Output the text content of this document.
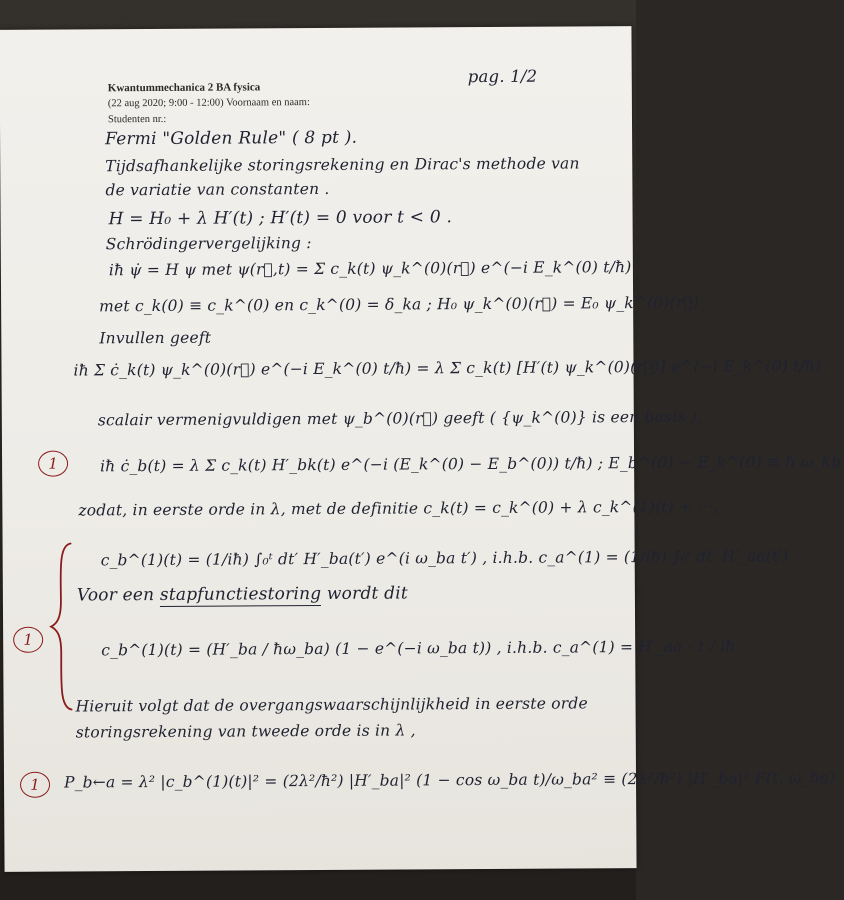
Kwantummechanica 2 BA fysica
(22 aug 2020; 9:00 - 12:00) Voornaam en naam:
Studenten nr.:
pag. 1/2
Fermi "Golden Rule" ( 8 pt ).
Tijdsafhankelijke storingsrekening en Dirac's methode van
de variatie van constanten .
H = H₀ + λ H′(t) ; H′(t) = 0 voor t < 0 .
Schrödingervergelijking :
iħ ψ̇ = H ψ met ψ(r⃗,t) = Σ c_k(t) ψ_k^(0)(r⃗) e^(−i E_k^(0) t/ħ)
met c_k(0) ≡ c_k^(0) en c_k^(0) = δ_ka ; H₀ ψ_k^(0)(r⃗) = E₀ ψ_k^(0)(r⃗)
Invullen geeft
iħ Σ ċ_k(t) ψ_k^(0)(r⃗) e^(−i E_k^(0) t/ħ) = λ Σ c_k(t) [H′(t) ψ_k^(0)(r⃗)] e^(−i E_k^(0) t/ħ)
scalair vermenigvuldigen met ψ_b^(0)(r⃗) geeft ( {ψ_k^(0)} is een basis ),
iħ ċ_b(t) = λ Σ c_k(t) H′_bk(t) e^(−i (E_k^(0) − E_b^(0)) t/ħ) ; E_b^(0) − E_k^(0) ≡ ħ ω_kb
zodat, in eerste orde in λ, met de definitie c_k(t) = c_k^(0) + λ c_k^(1)(t) + ···,
c_b^(1)(t) = (1/iħ) ∫₀ᵗ dt′ H′_ba(t′) e^(i ω_ba t′) , i.h.b. c_a^(1) = (1/iħ) ∫₀ᵗ dt′ H′_aa(t′)
Voor een stapfunctiestoring wordt dit
c_b^(1)(t) = (H′_ba / ħω_ba) (1 − e^(−i ω_ba t)) , i.h.b. c_a^(1) = H′_aa · t / iħ
Hieruit volgt dat de overgangswaarschijnlijkheid in eerste orde
storingsrekening van tweede orde is in λ ,
P_b←a = λ² |c_b^(1)(t)|² = (2λ²/ħ²) |H′_ba|² (1 − cos ω_ba t)/ω_ba² ≡ (2λ²/ħ²) |H′_ba|² F(t, ω_ba)
1
1
1
